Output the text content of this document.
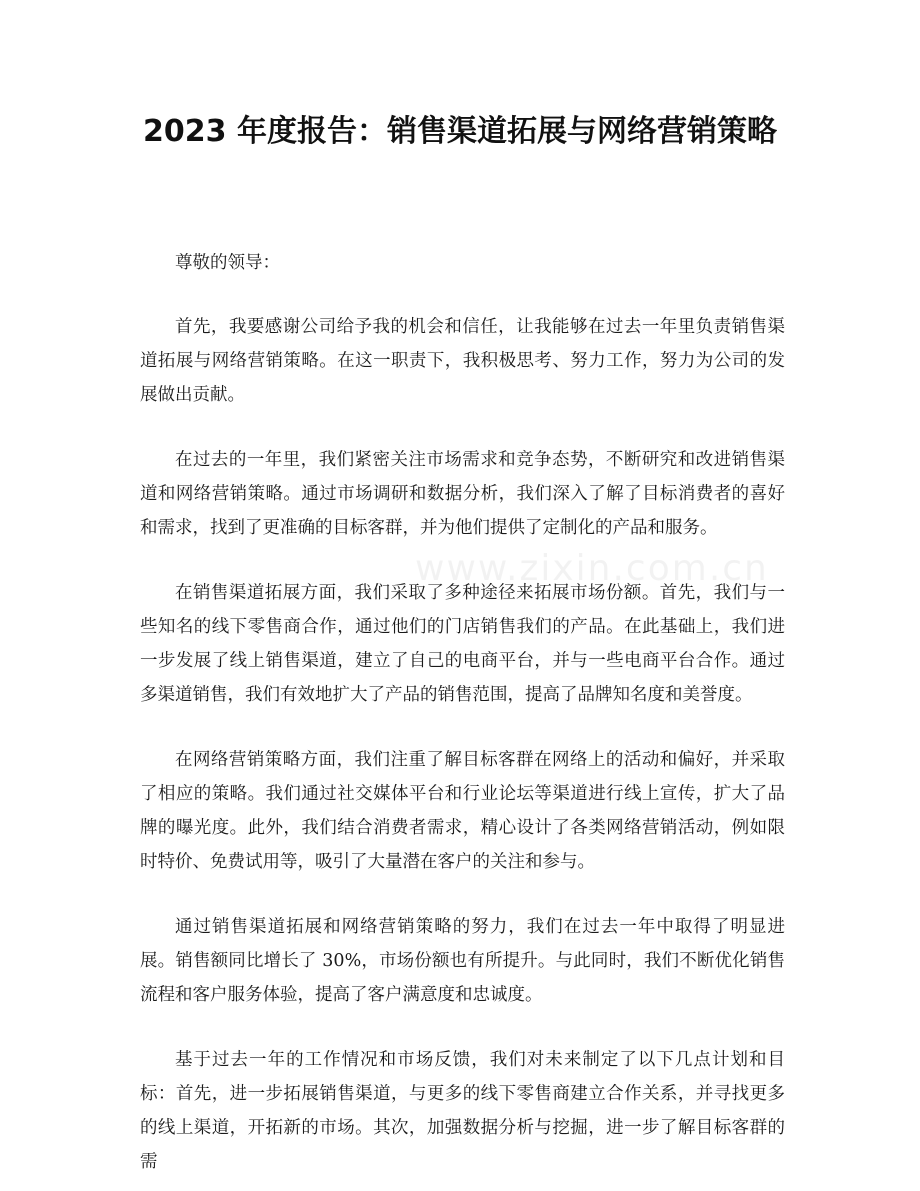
www.zixin.com.cn
2023 年度报告：销售渠道拓展与网络营销策略

尊敬的领导：

首先，我要感谢公司给予我的机会和信任，让我能够在过去一年里负责销售渠道拓展与网络营销策略。在这一职责下，我积极思考、努力工作，努力为公司的发展做出贡献。

在过去的一年里，我们紧密关注市场需求和竞争态势，不断研究和改进销售渠道和网络营销策略。通过市场调研和数据分析，我们深入了解了目标消费者的喜好和需求，找到了更准确的目标客群，并为他们提供了定制化的产品和服务。

在销售渠道拓展方面，我们采取了多种途径来拓展市场份额。首先，我们与一些知名的线下零售商合作，通过他们的门店销售我们的产品。在此基础上，我们进一步发展了线上销售渠道，建立了自己的电商平台，并与一些电商平台合作。通过多渠道销售，我们有效地扩大了产品的销售范围，提高了品牌知名度和美誉度。

在网络营销策略方面，我们注重了解目标客群在网络上的活动和偏好，并采取了相应的策略。我们通过社交媒体平台和行业论坛等渠道进行线上宣传，扩大了品牌的曝光度。此外，我们结合消费者需求，精心设计了各类网络营销活动，例如限时特价、免费试用等，吸引了大量潜在客户的关注和参与。

通过销售渠道拓展和网络营销策略的努力，我们在过去一年中取得了明显进展。销售额同比增长了 30%，市场份额也有所提升。与此同时，我们不断优化销售流程和客户服务体验，提高了客户满意度和忠诚度。

基于过去一年的工作情况和市场反馈，我们对未来制定了以下几点计划和目标：首先，进一步拓展销售渠道，与更多的线下零售商建立合作关系，并寻找更多的线上渠道，开拓新的市场。其次，加强数据分析与挖掘，进一步了解目标客群的需
